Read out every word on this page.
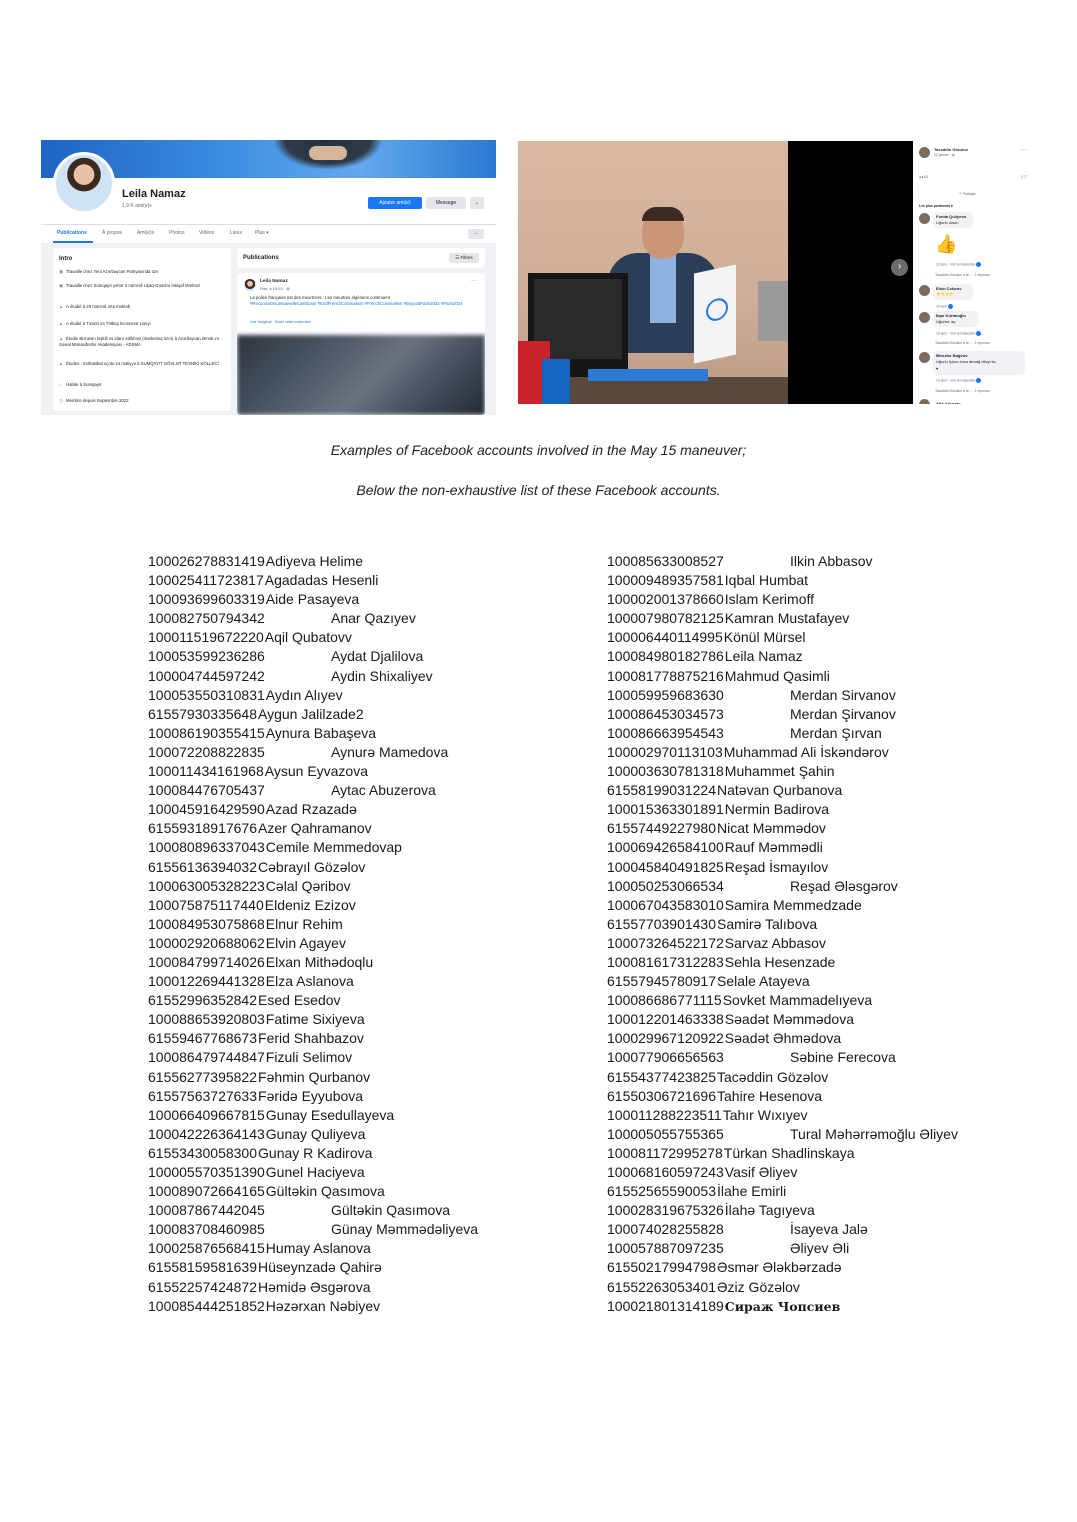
Leila Namaz
1,9 K ami(e)s	Ajouter ami(e)	Message	⌄
Publications	À propos	Ami(e)s	Photos	Vidéos	Lieux	Plus ▾	···
Intro
▣ Travaille chez Yeni Azərbaycan Partiyasında üzv
▣ Travaille chez Sumqayıt şəhər 2 nömrəli Uşaq-Gənclər İnkişaf Mərkəzi
▲ A étudié à 29 nömrəli orta məktəb
▲ A étudié à Təsviri və Tətbiqi İncəsənət Liseyi
▲ Étudie Biznesin təşkili və idarə edilməsi (marketinq üzrə) à Azərbaycan Əmək və Sosial Münasibətlər Akademiyası - ADSMA
▲ Études : mühasibat uçotu və maliyyə à SUMQAYIT DÖVLƏT TEXNİKİ KOLLECİ
⌂ Habite à Sumqayıt
◷ Membre depuis Septembre 2022
Publications	☰ Filtres
Leila Namaz
Hier, à 15:53 · ◍
···
La police française est des meurtriers - Les meurtres algériens continuent
#ReconnaitreLaNouvelleCalédonie #EndFrenchColonialism #FrenchColonialism #BoycottParis2024 #Paris2024
Voir l'original · Noter cette traduction
›
Tacəddin Gözəlov
22 janvier · ◍
···
●● 65	3 ▢
↷ Partager
Les plus pertinents ▾
Fərida Quliyeva
Uğurlu olsun
👍
13 sem · Voir la traduction
Tacəddin Gözəlov a ré... · 1 réponse
Elsin Cəfərov
⭐⭐⭐⭐
19 sem
İlqar Kürtmoğlu
Uğurlar, ay
15 sem · Voir la traduction
Tacəddin Gözəlov a ré... · 1 réponse
Mirsəfər Bağırov
Uğurlu işlərə imza atmağ diləyi ilə
♥
13 sem · Voir la traduction
Tacəddin Gözəlov a ré... · 1 réponse
Afin Abusalo
Examples of Facebook accounts involved in the May 15 maneuver;
Below the non-exhaustive list of these Facebook accounts.
100026278831419 Adiyeva Helime
100025411723817 Agadadas Hesenli
100093699603319 Aide Pasayeva
100082750794342	Anar Qazıyev
100011519672220 Aqil Qubatovv
100053599236286	Aydat Djalilova
100004744597242	Aydin Shixaliyev
100053550310831 Aydın Alıyev
61557930335648 Aygun Jalilzade2
100086190355415 Aynura Babaşeva
100072208822835	Aynurə Mamedova
100011434161968 Aysun Eyvazova
100084476705437	Aytac Abuzerova
100045916429590 Azad Rzazadə
61559318917676 Azer Qahramanov
100080896337043 Cemile Memmedovap
61556136394032 Cəbrayıl Gözəlov
100063005328223 Cəlal Qəribov
100075875117440 Eldeniz Ezizov
100084953075868 Elnur Rehim
100002920688062 Elvin Agayev
100084799714026 Elxan Mithədoqlu
100012269441328 Elza Aslanova
61552996352842 Esed Esedov
100088653920803 Fatime Sixiyeva
61559467768673 Ferid Shahbazov
100086479744847 Fizuli Selimov
61556277395822 Fəhmin Qurbanov
61557563727633 Fəridə Eyyubova
100066409667815 Gunay Esedullayeva
100042226364143 Gunay Quliyeva
61553430058300 Gunay R Kadirova
100005570351390 Gunel Haciyeva
100089072664165 Gültəkin Qasımova
100087867442045	Gültəkin Qasımova
100083708460985	Günay Məmmədəliyeva
100025876568415 Humay Aslanova
61558159581639 Hüseynzadə Qahirə
61552257424872 Həmidə Əsgərova
100085444251852 Həzərxan Nəbiyev
100085633008527	Ilkin Abbasov
100009489357581 Iqbal Humbat
100002001378660 Islam Kerimoff
100007980782125 Kamran Mustafayev
100006440114995 Könül Mürsel
100084980182786 Leila Namaz
100081778875216 Mahmud Qasimli
100059959683630	Merdan Sirvanov
100086453034573	Merdan Şirvanov
100086663954543	Merdan Şırvan
100002970113103 Muhammad Ali İskəndərov
100003630781318 Muhammet Şahin
61558199031224 Natəvan Qurbanova
100015363301891 Nermin Badirova
61557449227980 Nicat Məmmədov
100069426584100 Rauf Məmmədli
100045840491825 Reşad İsmayılov
100050253066534	Reşad Ələsgərov
100067043583010 Samira Memmedzade
61557703901430 Samirə Talıbova
100073264522172 Sarvaz Abbasov
100081617312283 Sehla Hesenzade
61557945780917 Selale Atayeva
100086686771115 Sovket Mammadelıyeva
100012201463338 Səadət Məmmədova
100029967120922 Səadət Əhmədova
100077906656563	Səbine Ferecova
61554377423825 Tacəddin Gözəlov
61550306721696 Tahire Hesenova
100011288223511 Tahır Wıxıyev
100005055755365	Tural Məhərrəmoğlu Əliyev
100081172995278 Türkan Shadlinskaya
100068160597243 Vasif Əliyev
61552565590053 İlahe Emirli
100028319675326 İlahə Tagıyeva
100074028255828	İsayeva Jalə
100057887097235	Əliyev Əli
61550217994798 Əsmər Ələkbərzadə
61552263053401 Əziz Gözəlov
100021801314189 Сираж Чопсиев
